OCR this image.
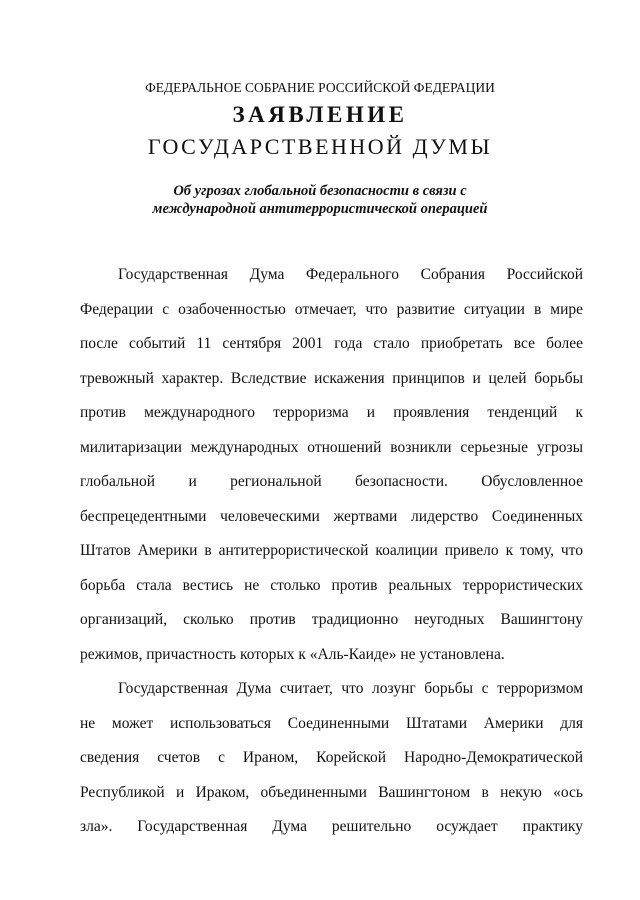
ФЕДЕРАЛЬНОЕ СОБРАНИЕ РОССИЙСКОЙ ФЕДЕРАЦИИ
ЗАЯВЛЕНИЕ
ГОСУДАРСТВЕННОЙ ДУМЫ
Об угрозах глобальной безопасности в связи с
международной антитеррористической операцией
Государственная Дума Федерального Собрания Российской
Федерации с озабоченностью отмечает, что развитие ситуации в мире
после событий 11 сентября 2001 года стало приобретать все более
тревожный характер. Вследствие искажения принципов и целей борьбы
против международного терроризма и проявления тенденций к
милитаризации международных отношений возникли серьезные угрозы
глобальной и региональной безопасности. Обусловленное
беспрецедентными человеческими жертвами лидерство Соединенных
Штатов Америки в антитеррористической коалиции привело к тому, что
борьба стала вестись не столько против реальных террористических
организаций, сколько против традиционно неугодных Вашингтону
режимов, причастность которых к «Аль-Каиде» не установлена.
Государственная Дума считает, что лозунг борьбы с терроризмом
не может использоваться Соединенными Штатами Америки для
сведения счетов с Ираном, Корейской Народно-Демократической
Республикой и Ираком, объединенными Вашингтоном в некую «ось
зла». Государственная Дума решительно осуждает практику
